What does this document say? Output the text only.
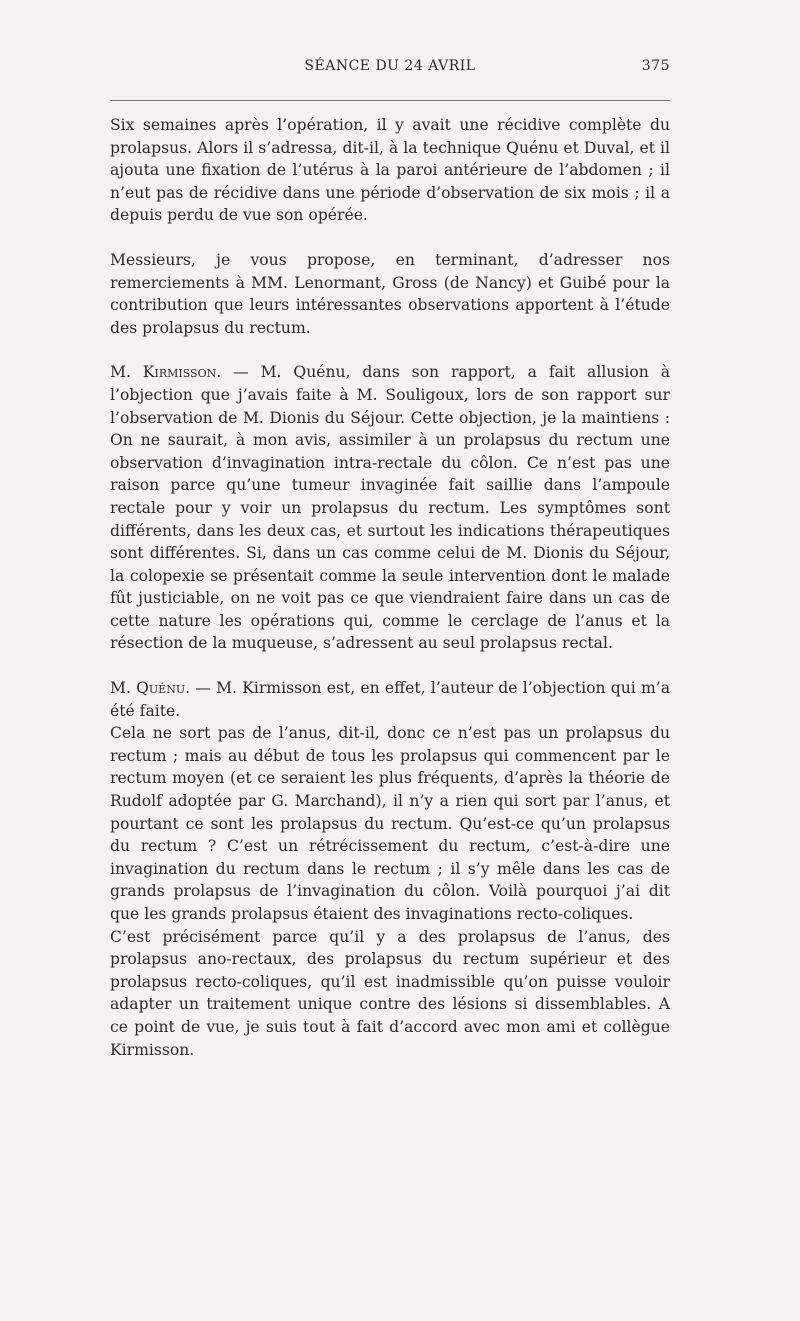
SÉANCE DU 24 AVRIL	375

Six semaines après l’opération, il y avait une récidive complète du prolapsus. Alors il s’adressa, dit-il, à la technique Quénu et Duval, et il ajouta une fixation de l’utérus à la paroi antérieure de l’abdomen ; il n’eut pas de récidive dans une période d’observation de six mois ; il a depuis perdu de vue son opérée.

Messieurs, je vous propose, en terminant, d’adresser nos remerciements à MM. Lenormant, Gross (de Nancy) et Guibé pour la contribution que leurs intéressantes observations apportent à l’étude des prolapsus du rectum.

M. Kirmisson. — M. Quénu, dans son rapport, a fait allusion à l’objection que j’avais faite à M. Souligoux, lors de son rapport sur l’observation de M. Dionis du Séjour. Cette objection, je la maintiens : On ne saurait, à mon avis, assimiler à un prolapsus du rectum une observation d’invagination intra-rectale du côlon. Ce n’est pas une raison parce qu’une tumeur invaginée fait saillie dans l’ampoule rectale pour y voir un prolapsus du rectum. Les symptômes sont différents, dans les deux cas, et surtout les indications thérapeutiques sont différentes. Si, dans un cas comme celui de M. Dionis du Séjour, la colopexie se présentait comme la seule intervention dont le malade fût justiciable, on ne voit pas ce que viendraient faire dans un cas de cette nature les opérations qui, comme le cerclage de l’anus et la résection de la muqueuse, s’adressent au seul prolapsus rectal.

M. Quénu. — M. Kirmisson est, en effet, l’auteur de l’objection qui m’a été faite.

Cela ne sort pas de l’anus, dit-il, donc ce n’est pas un prolapsus du rectum ; mais au début de tous les prolapsus qui commencent par le rectum moyen (et ce seraient les plus fréquents, d’après la théorie de Rudolf adoptée par G. Marchand), il n’y a rien qui sort par l’anus, et pourtant ce sont les prolapsus du rectum. Qu’est-ce qu’un prolapsus du rectum ? C’est un rétrécissement du rectum, c’est-à-dire une invagination du rectum dans le rectum ; il s’y mêle dans les cas de grands prolapsus de l’invagination du côlon. Voilà pourquoi j’ai dit que les grands prolapsus étaient des invaginations recto-coliques.

C’est précisément parce qu’il y a des prolapsus de l’anus, des prolapsus ano-rectaux, des prolapsus du rectum supérieur et des prolapsus recto-coliques, qu’il est inadmissible qu’on puisse vouloir adapter un traitement unique contre des lésions si dissemblables. A ce point de vue, je suis tout à fait d’accord avec mon ami et collègue Kirmisson.
